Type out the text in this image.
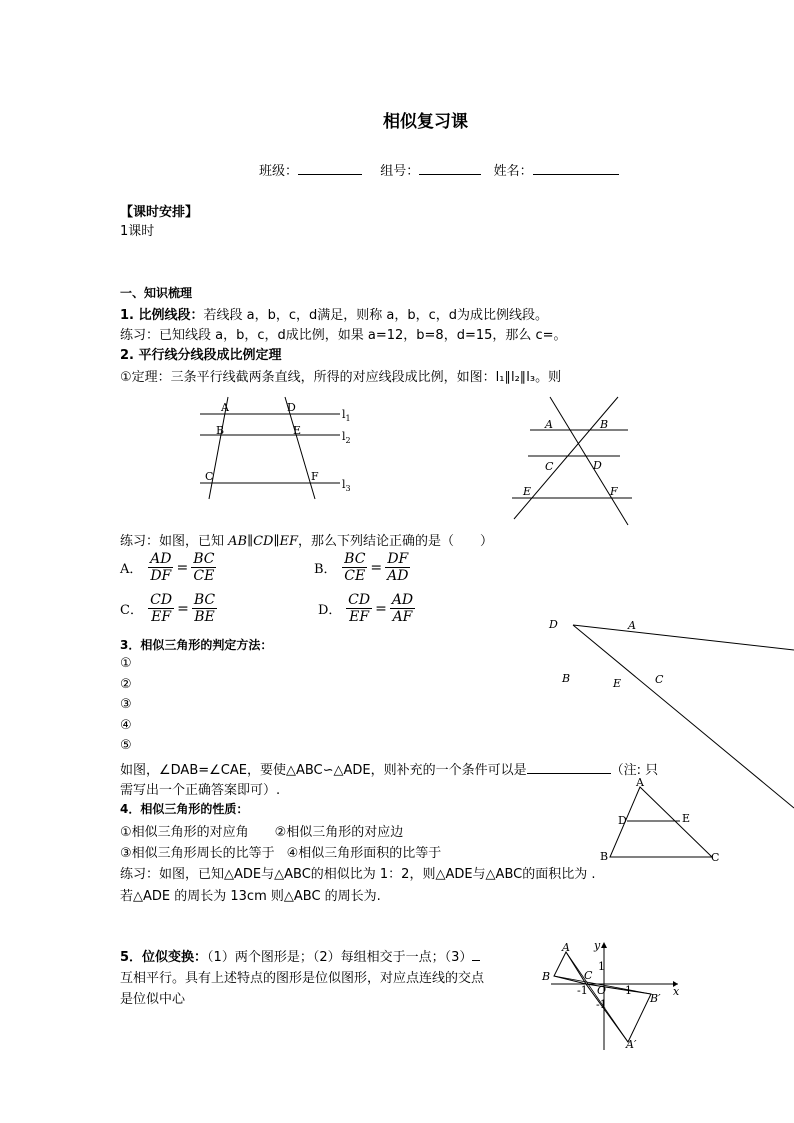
相似复习课
班级：	组号：	姓名：
【课时安排】
1课时
一、知识梳理
1. 比例线段：若线段 a，b，c，d满足，则称 a，b，c，d为成比例线段。
练习：已知线段 a，b，c，d成比例，如果 a=12，b=8，d=15，那么 c=。
2. 平行线分线段成比例定理
①定理：三条平行线截两条直线，所得的对应线段成比例，如图：l₁∥l₂∥l₃。则
A	D
B	E
C	F
$l_1$
$l_2$
$l_3$
A	B
C	D
E	F
练习：如图，已知 AB∥CD∥EF，那么下列结论正确的是（　　）
A． $\frac{AD}{DF} = \frac{BC}{CE}$	B． $\frac{BC}{CE} = \frac{DF}{AD}$
C． $\frac{CD}{EF} = \frac{BC}{BE}$	D． $\frac{CD}{EF} = \frac{AD}{AF}$
3．相似三角形的判定方法：
①
②
③
④
⑤
D	A
B	E	C
如图，∠DAB=∠CAE，要使△ABC∽△ADE，则补充的一个条件可以是	（注: 只
需写出一个正确答案即可）.
4．相似三角形的性质：
①相似三角形的对应角 ②相似三角形的对应边
③相似三角形周长的比等于 ④相似三角形面积的比等于
练习：如图，已知△ADE与△ABC的相似比为 1：2，则△ADE与△ABC的面积比为 .
若△ADE 的周长为 13cm 则△ABC 的周长为.
A
D	E
B	C
5．位似变换：（1）两个图形是；（2）每组相交于一点；（3）
互相平行。具有上述特点的图形是位似图形，对应点连线的交点
是位似中心
A
B	C
B′
A′
O	x
y
1
-1
-1
1
